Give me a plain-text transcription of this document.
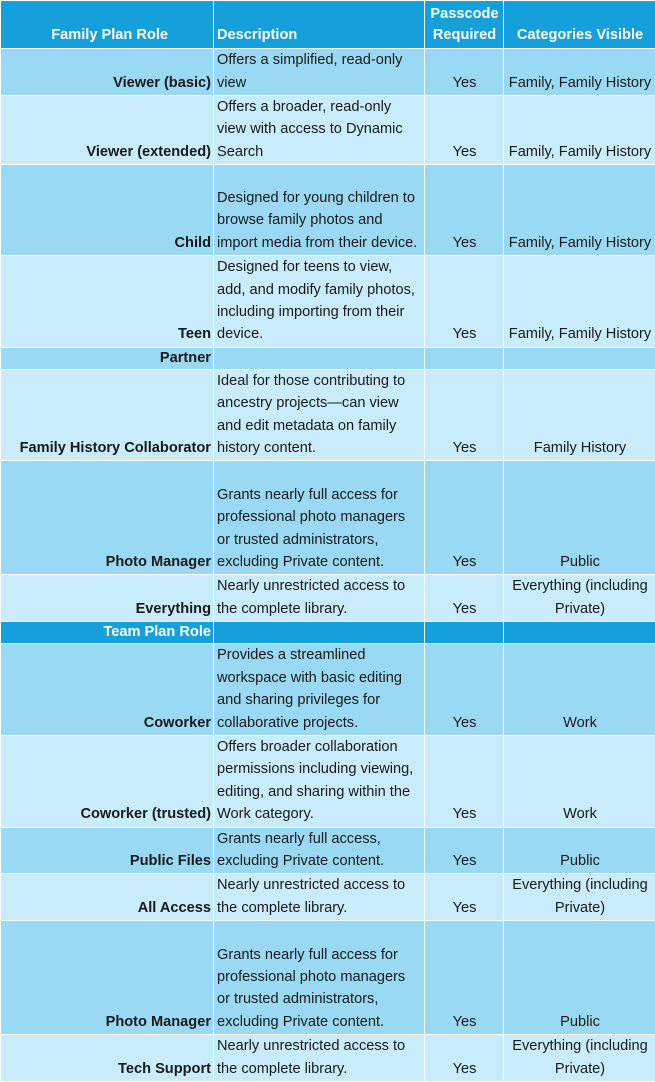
Family Plan Role	Description	Passcode Required	Categories Visible
Viewer (basic)	Offers a simplified, read-only view	Yes	Family, Family History
Viewer (extended)	Offers a broader, read-only view with access to Dynamic Search	Yes	Family, Family History
Child	Designed for young children to browse family photos and import media from their device.	Yes	Family, Family History
Teen	Designed for teens to view, add, and modify family photos, including importing from their device.	Yes	Family, Family History
Partner			
Family History Collaborator	Ideal for those contributing to ancestry projects—can view and edit metadata on family history content.	Yes	Family History
Photo Manager	Grants nearly full access for professional photo managers or trusted administrators, excluding Private content.	Yes	Public
Everything	Nearly unrestricted access to the complete library.	Yes	Everything (including Private)
Team Plan Role			
Coworker	Provides a streamlined workspace with basic editing and sharing privileges for collaborative projects.	Yes	Work
Coworker (trusted)	Offers broader collaboration permissions including viewing, editing, and sharing within the Work category.	Yes	Work
Public Files	Grants nearly full access, excluding Private content.	Yes	Public
All Access	Nearly unrestricted access to the complete library.	Yes	Everything (including Private)
Photo Manager	Grants nearly full access for professional photo managers or trusted administrators, excluding Private content.	Yes	Public
Tech Support	Nearly unrestricted access to the complete library.	Yes	Everything (including Private)
